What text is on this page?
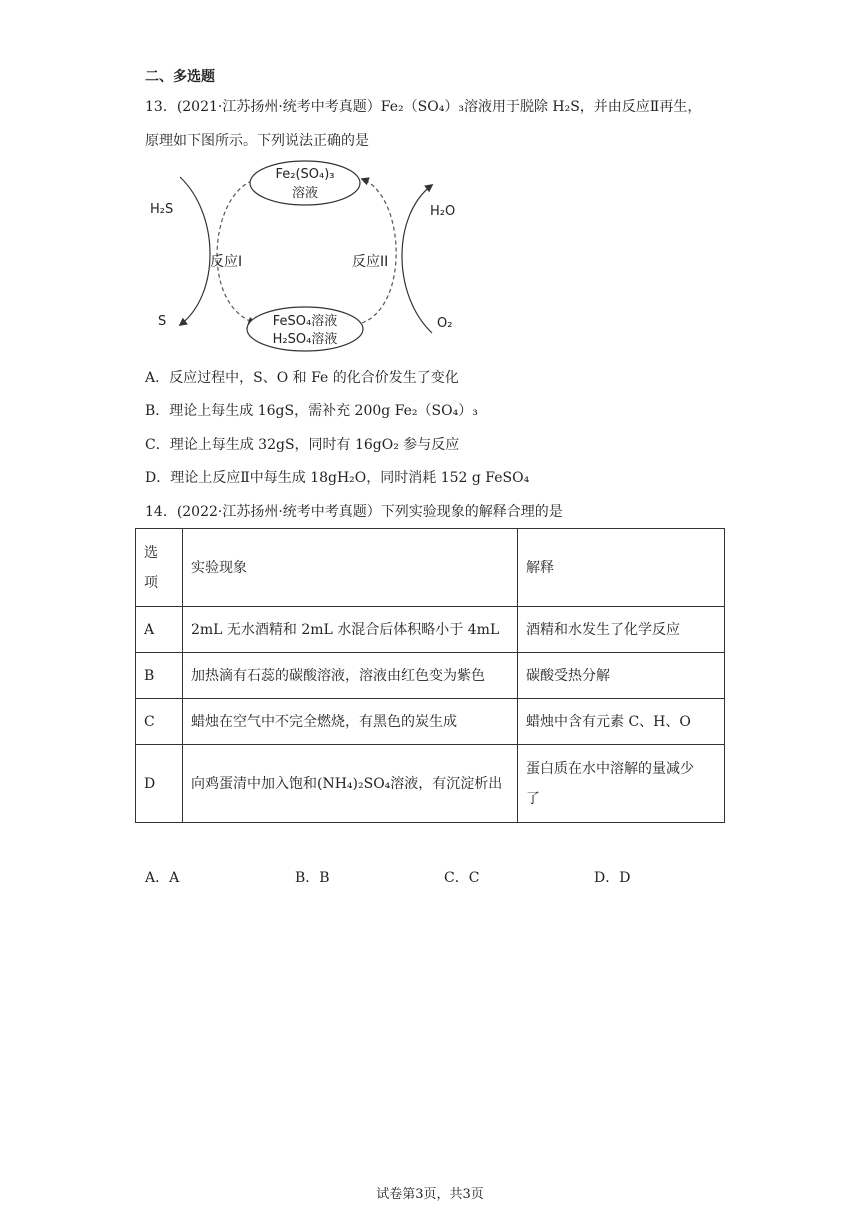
二、多选题
13．(2021·江苏扬州·统考中考真题）Fe₂（SO₄）₃溶液用于脱除 H₂S，并由反应Ⅱ再生，
原理如下图所示。下列说法正确的是
Fe₂(SO₄)₃
溶液
FeSO₄溶液
H₂SO₄溶液
反应I	反应II
H₂S
S
H₂O
O₂
A．反应过程中，S、O 和 Fe 的化合价发生了变化
B．理论上每生成 16gS，需补充 200g Fe₂（SO₄）₃
C．理论上每生成 32gS，同时有 16gO₂ 参与反应
D．理论上反应Ⅱ中每生成 18gH₂O，同时消耗 152 g FeSO₄
14．(2022·江苏扬州·统考中考真题）下列实验现象的解释合理的是
选项	实验现象	解释
A	2mL 无水酒精和 2mL 水混合后体积略小于 4mL	酒精和水发生了化学反应
B	加热滴有石蕊的碳酸溶液，溶液由红色变为紫色	碳酸受热分解
C	蜡烛在空气中不完全燃烧，有黑色的炭生成	蜡烛中含有元素 C、H、O
D	向鸡蛋清中加入饱和(NH₄)₂SO₄溶液，有沉淀析出	蛋白质在水中溶解的量减少了
A．A	B．B	C．C	D．D
试卷第3页，共3页
